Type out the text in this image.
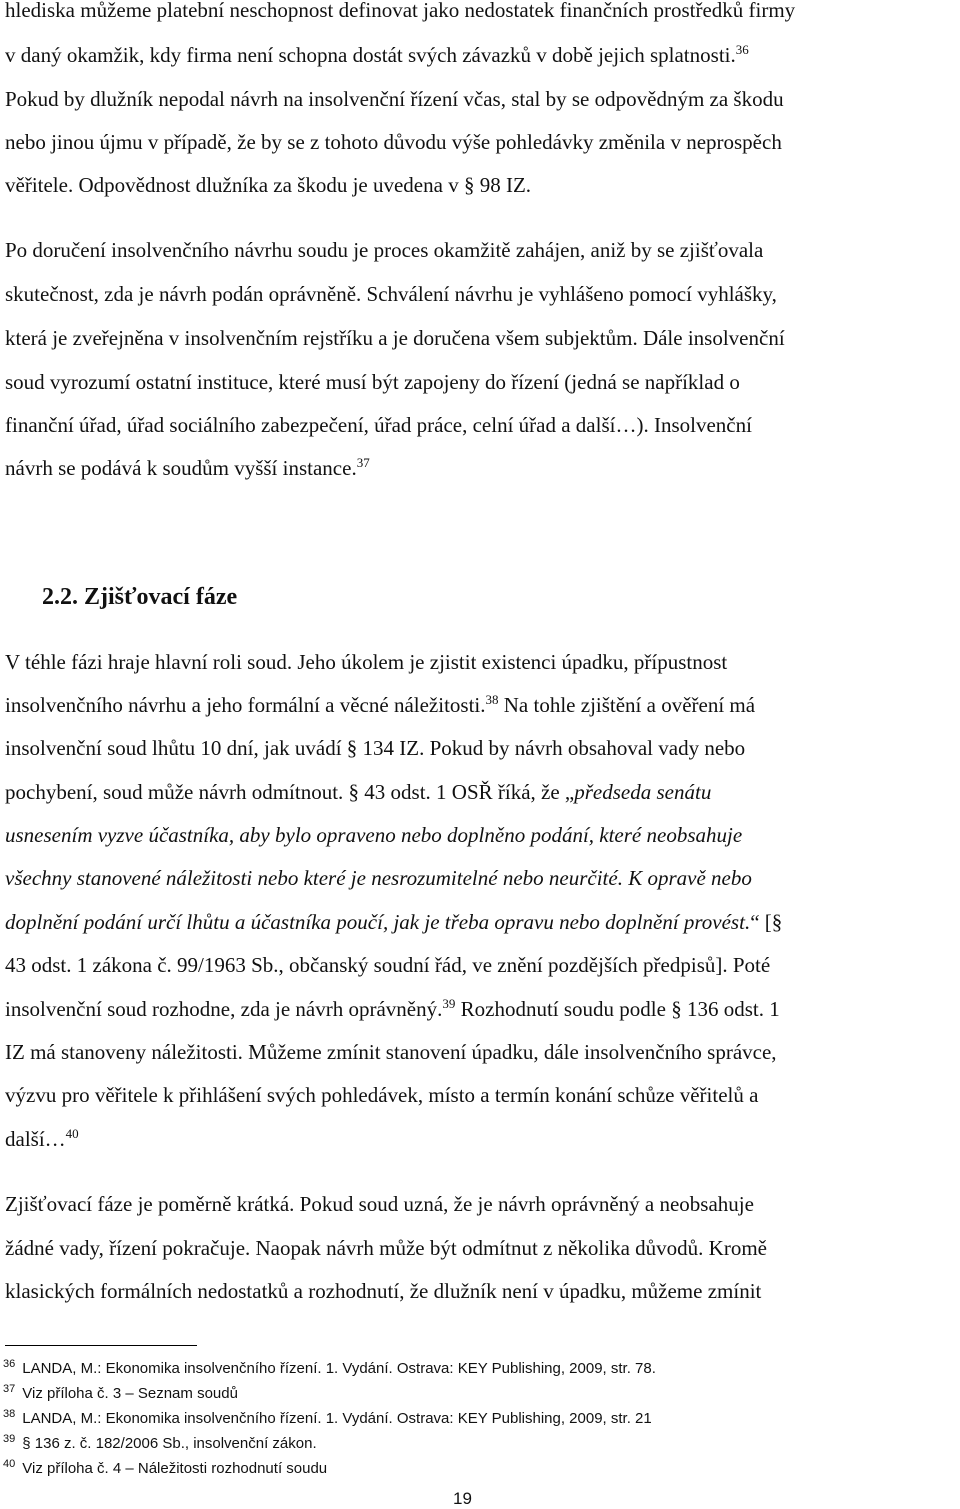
hlediska můžeme platební neschopnost definovat jako nedostatek finančních prostředků firmy
v daný okamžik, kdy firma není schopna dostát svých závazků v době jejich splatnosti.$^{36}$
Pokud by dlužník nepodal návrh na insolvenční řízení včas, stal by se odpovědným za škodu
nebo jinou újmu v případě, že by se z tohoto důvodu výše pohledávky změnila v neprospěch
věřitele. Odpovědnost dlužníka za škodu je uvedena v § 98 IZ.
Po doručení insolvenčního návrhu soudu je proces okamžitě zahájen, aniž by se zjišťovala
skutečnost, zda je návrh podán oprávněně. Schválení návrhu je vyhlášeno pomocí vyhlášky,
která je zveřejněna v insolvenčním rejstříku a je doručena všem subjektům. Dále insolvenční
soud vyrozumí ostatní instituce, které musí být zapojeny do řízení (jedná se například o
finanční úřad, úřad sociálního zabezpečení, úřad práce, celní úřad a další…). Insolvenční
návrh se podává k soudům vyšší instance.$^{37}$
2.2. Zjišťovací fáze
V téhle fázi hraje hlavní roli soud. Jeho úkolem je zjistit existenci úpadku, přípustnost
insolvenčního návrhu a jeho formální a věcné náležitosti.$^{38}$ Na tohle zjištění a ověření má
insolvenční soud lhůtu 10 dní, jak uvádí § 134 IZ. Pokud by návrh obsahoval vady nebo
pochybení, soud může návrh odmítnout. § 43 odst. 1 OSŘ říká, že „předseda senátu
usnesením vyzve účastníka, aby bylo opraveno nebo doplněno podání, které neobsahuje
všechny stanovené náležitosti nebo které je nesrozumitelné nebo neurčité. K opravě nebo
doplnění podání určí lhůtu a účastníka poučí, jak je třeba opravu nebo doplnění provést.“ [§
43 odst. 1 zákona č. 99/1963 Sb., občanský soudní řád, ve znění pozdějších předpisů]. Poté
insolvenční soud rozhodne, zda je návrh oprávněný.$^{39}$ Rozhodnutí soudu podle § 136 odst. 1
IZ má stanoveny náležitosti. Můžeme zmínit stanovení úpadku, dále insolvenčního správce,
výzvu pro věřitele k přihlášení svých pohledávek, místo a termín konání schůze věřitelů a
další…$^{40}$
Zjišťovací fáze je poměrně krátká. Pokud soud uzná, že je návrh oprávněný a neobsahuje
žádné vady, řízení pokračuje. Naopak návrh může být odmítnut z několika důvodů. Kromě
klasických formálních nedostatků a rozhodnutí, že dlužník není v úpadku, můžeme zmínit
$^{36}$ LANDA, M.: Ekonomika insolvenčního řízení. 1. Vydání. Ostrava: KEY Publishing, 2009, str. 78.
$^{37}$ Viz příloha č. 3 – Seznam soudů
$^{38}$ LANDA, M.: Ekonomika insolvenčního řízení. 1. Vydání. Ostrava: KEY Publishing, 2009, str. 21
$^{39}$ § 136 z. č. 182/2006 Sb., insolvenční zákon.
$^{40}$ Viz příloha č. 4 – Náležitosti rozhodnutí soudu
19
